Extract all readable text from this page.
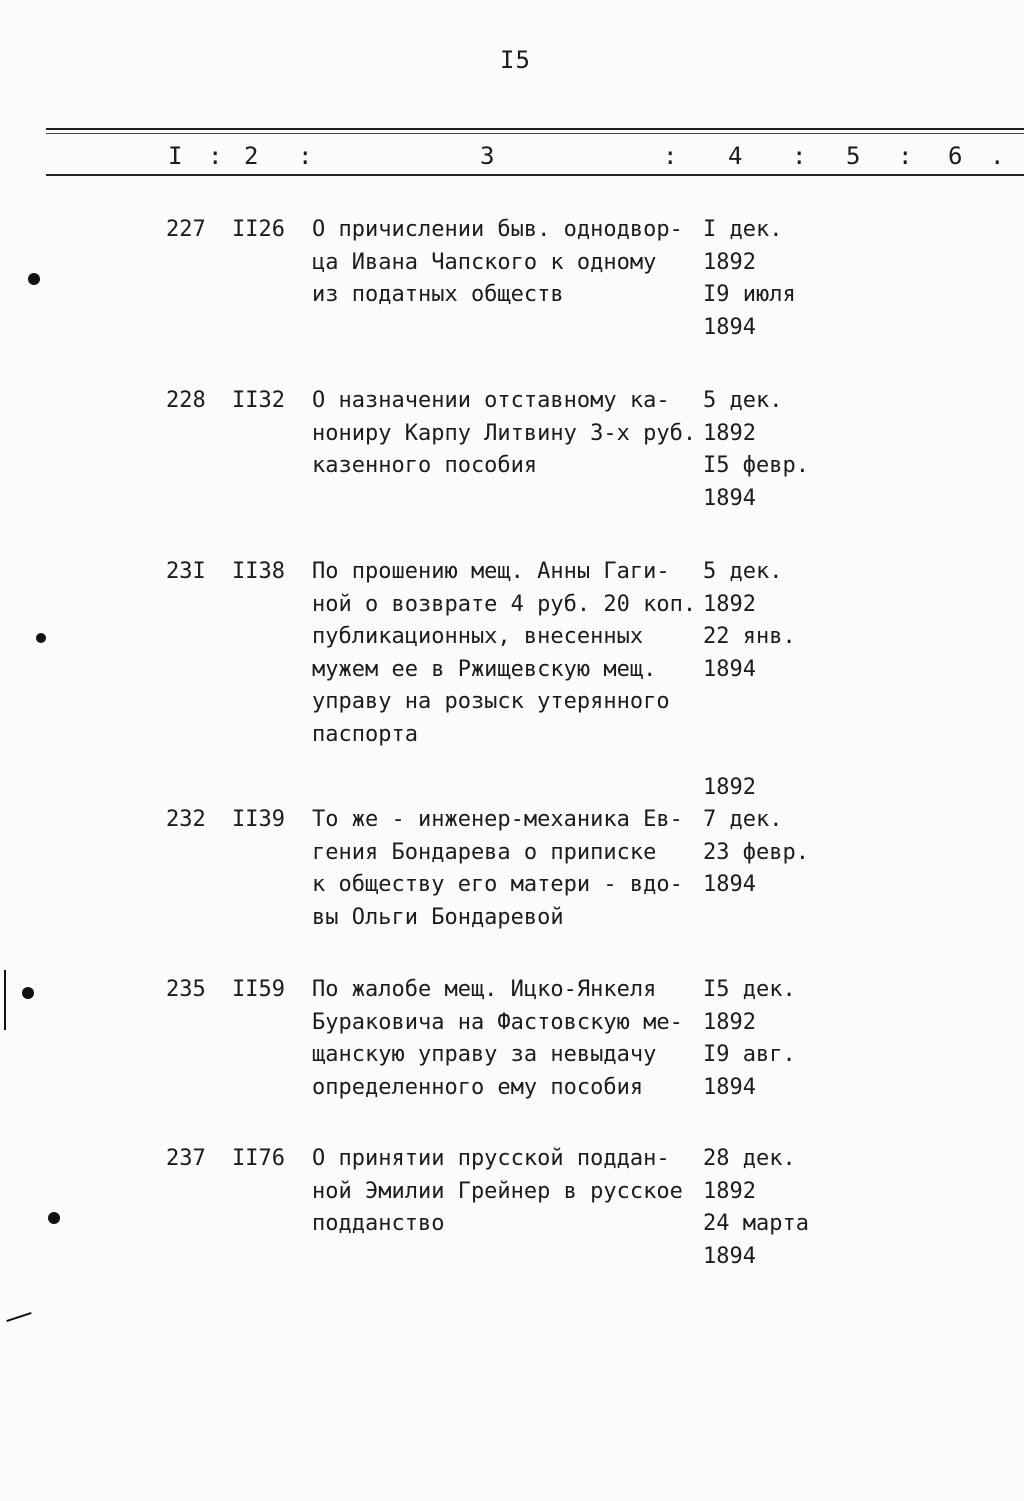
I5
I : 2 :	3	: 4 : 5 : 6 .
227 II26 О причислении быв. однодвор-
ца Ивана Чапского к одному
из податных обществ
I дек.
1892
I9 июля
1894
228 II32 О назначении отставному ка-
нониру Карпу Литвину 3-х руб.
казенного пособия
5 дек.
1892
I5 февр.
1894
23I II38 По прошению мещ. Анны Гаги-
ной о возврате 4 руб. 20 коп.
публикационных, внесенных
мужем ее в Ржищевскую мещ.
управу на розыск утерянного
паспорта
5 дек.
1892
22 янв.
1894
232 II39 То же - инженер-механика Ев-
гения Бондарева о приписке
к обществу его матери - вдо-
вы Ольги Бондаревой
1892
7 дек.
23 февр.
1894
235 II59 По жалобе мещ. Ицко-Янкеля
Бураковича на Фастовскую ме-
щанскую управу за невыдачу
определенного ему пособия
I5 дек.
1892
I9 авг.
1894
237 II76 О принятии прусской поддан-
ной Эмилии Грейнер в русское
подданство
28 дек.
1892
24 марта
1894
